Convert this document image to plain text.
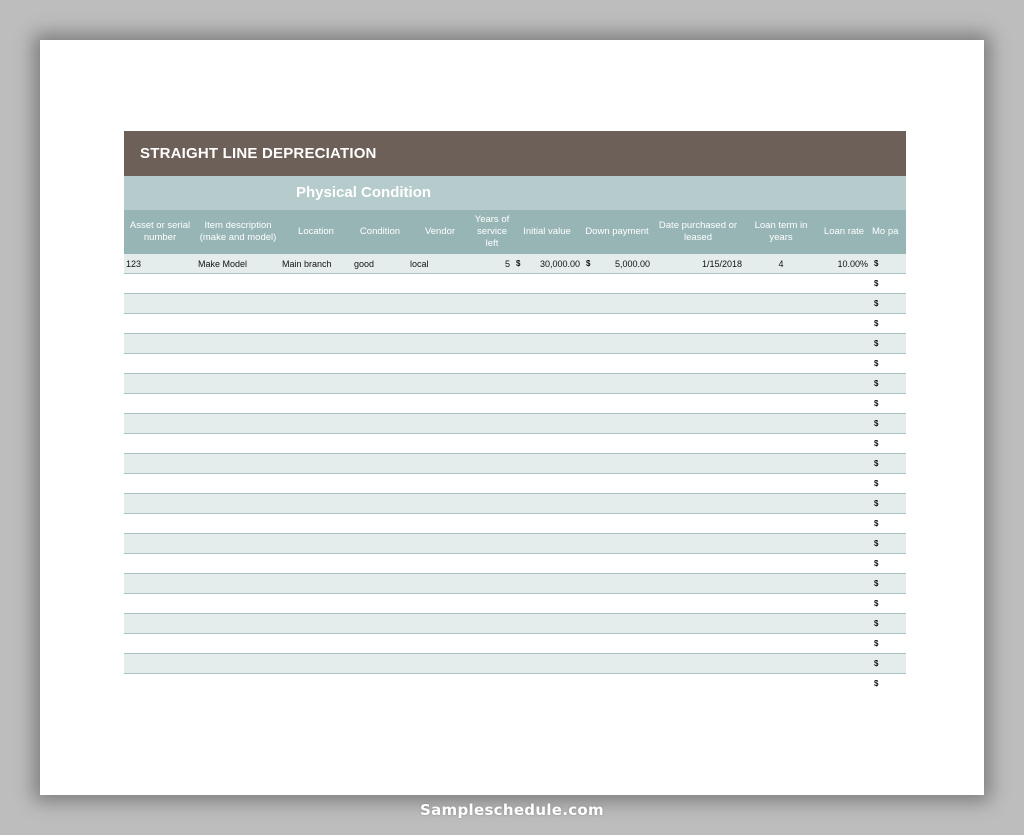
STRAIGHT LINE DEPRECIATION
Physical Condition
Asset or serial number	Item description (make and model)	Location	Condition	Vendor	Years of service left	Initial value		Down payment		Date purchased or leased	Loan term in years	Loan rate	Mo pa
123	Make Model	Main branch	good	local	5	$	30,000.00	$	5,000.00	1/15/2018	4	10.00%	$
													$
													$
													$
													$
													$
													$
													$
													$
													$
													$
													$
													$
													$
													$
													$
													$
													$
													$
													$
													$
													$
Sampleschedule.com
